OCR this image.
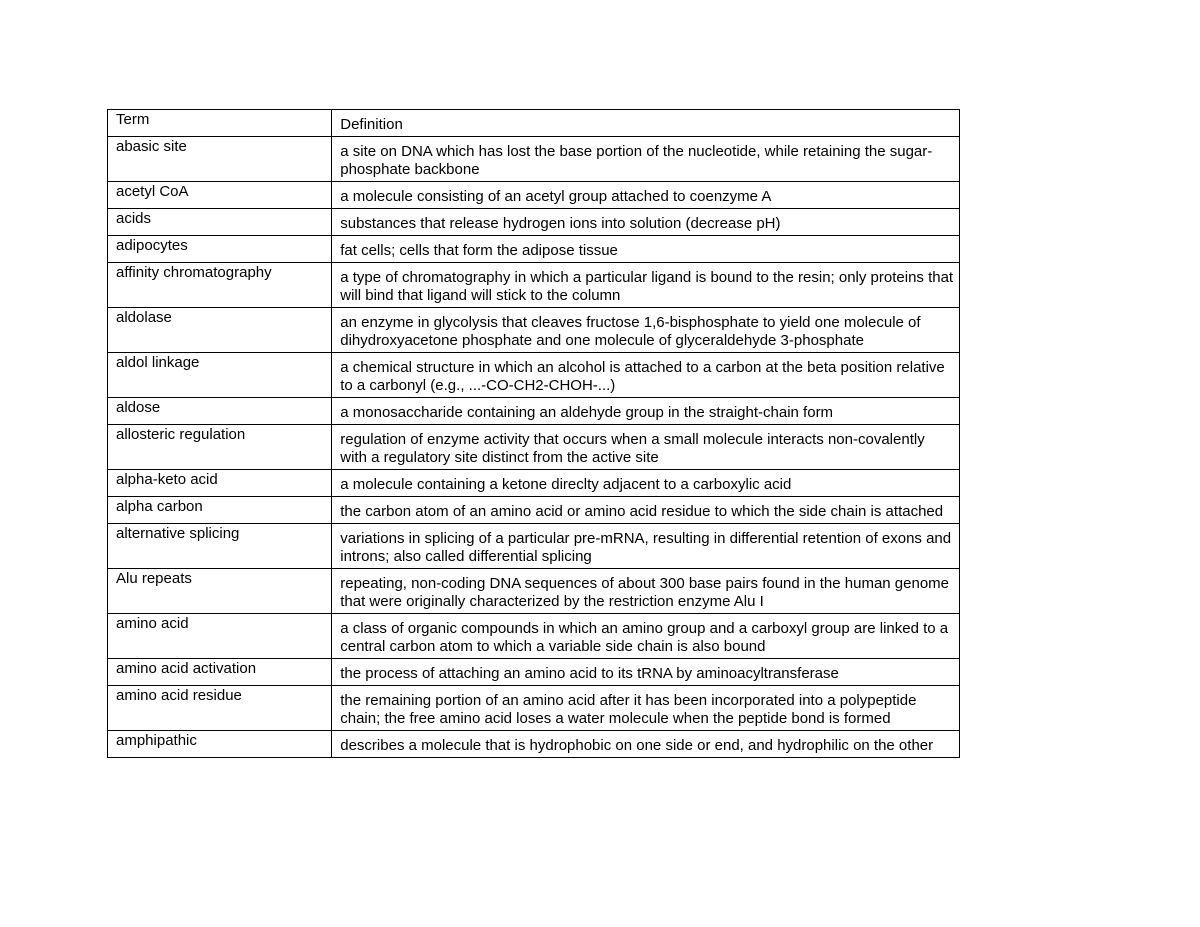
Term	Definition
abasic site	a site on DNA which has lost the base portion of the nucleotide, while retaining the sugar-phosphate backbone
acetyl CoA	a molecule consisting of an acetyl group attached to coenzyme A
acids	substances that release hydrogen ions into solution (decrease pH)
adipocytes	fat cells; cells that form the adipose tissue
affinity chromatography	a type of chromatography in which a particular ligand is bound to the resin; only proteins that will bind that ligand will stick to the column
aldolase	an enzyme in glycolysis that cleaves fructose 1,6-bisphosphate to yield one molecule of dihydroxyacetone phosphate and one molecule of glyceraldehyde 3-phosphate
aldol linkage	a chemical structure in which an alcohol is attached to a carbon at the beta position relative to a carbonyl (e.g., ...-CO-CH2-CHOH-...)
aldose	a monosaccharide containing an aldehyde group in the straight-chain form
allosteric regulation	regulation of enzyme activity that occurs when a small molecule interacts non-covalently with a regulatory site distinct from the active site
alpha-keto acid	a molecule containing a ketone direclty adjacent to a carboxylic acid
alpha carbon	the carbon atom of an amino acid or amino acid residue to which the side chain is attached
alternative splicing	variations in splicing of a particular pre-mRNA, resulting in differential retention of exons and introns; also called differential splicing
Alu repeats	repeating, non-coding DNA sequences of about 300 base pairs found in the human genome that were originally characterized by the restriction enzyme Alu I
amino acid	a class of organic compounds in which an amino group and a carboxyl group are linked to a central carbon atom to which a variable side chain is also bound
amino acid activation	the process of attaching an amino acid to its tRNA by aminoacyltransferase
amino acid residue	the remaining portion of an amino acid after it has been incorporated into a polypeptide chain; the free amino acid loses a water molecule when the peptide bond is formed
amphipathic	describes a molecule that is hydrophobic on one side or end, and hydrophilic on the other
